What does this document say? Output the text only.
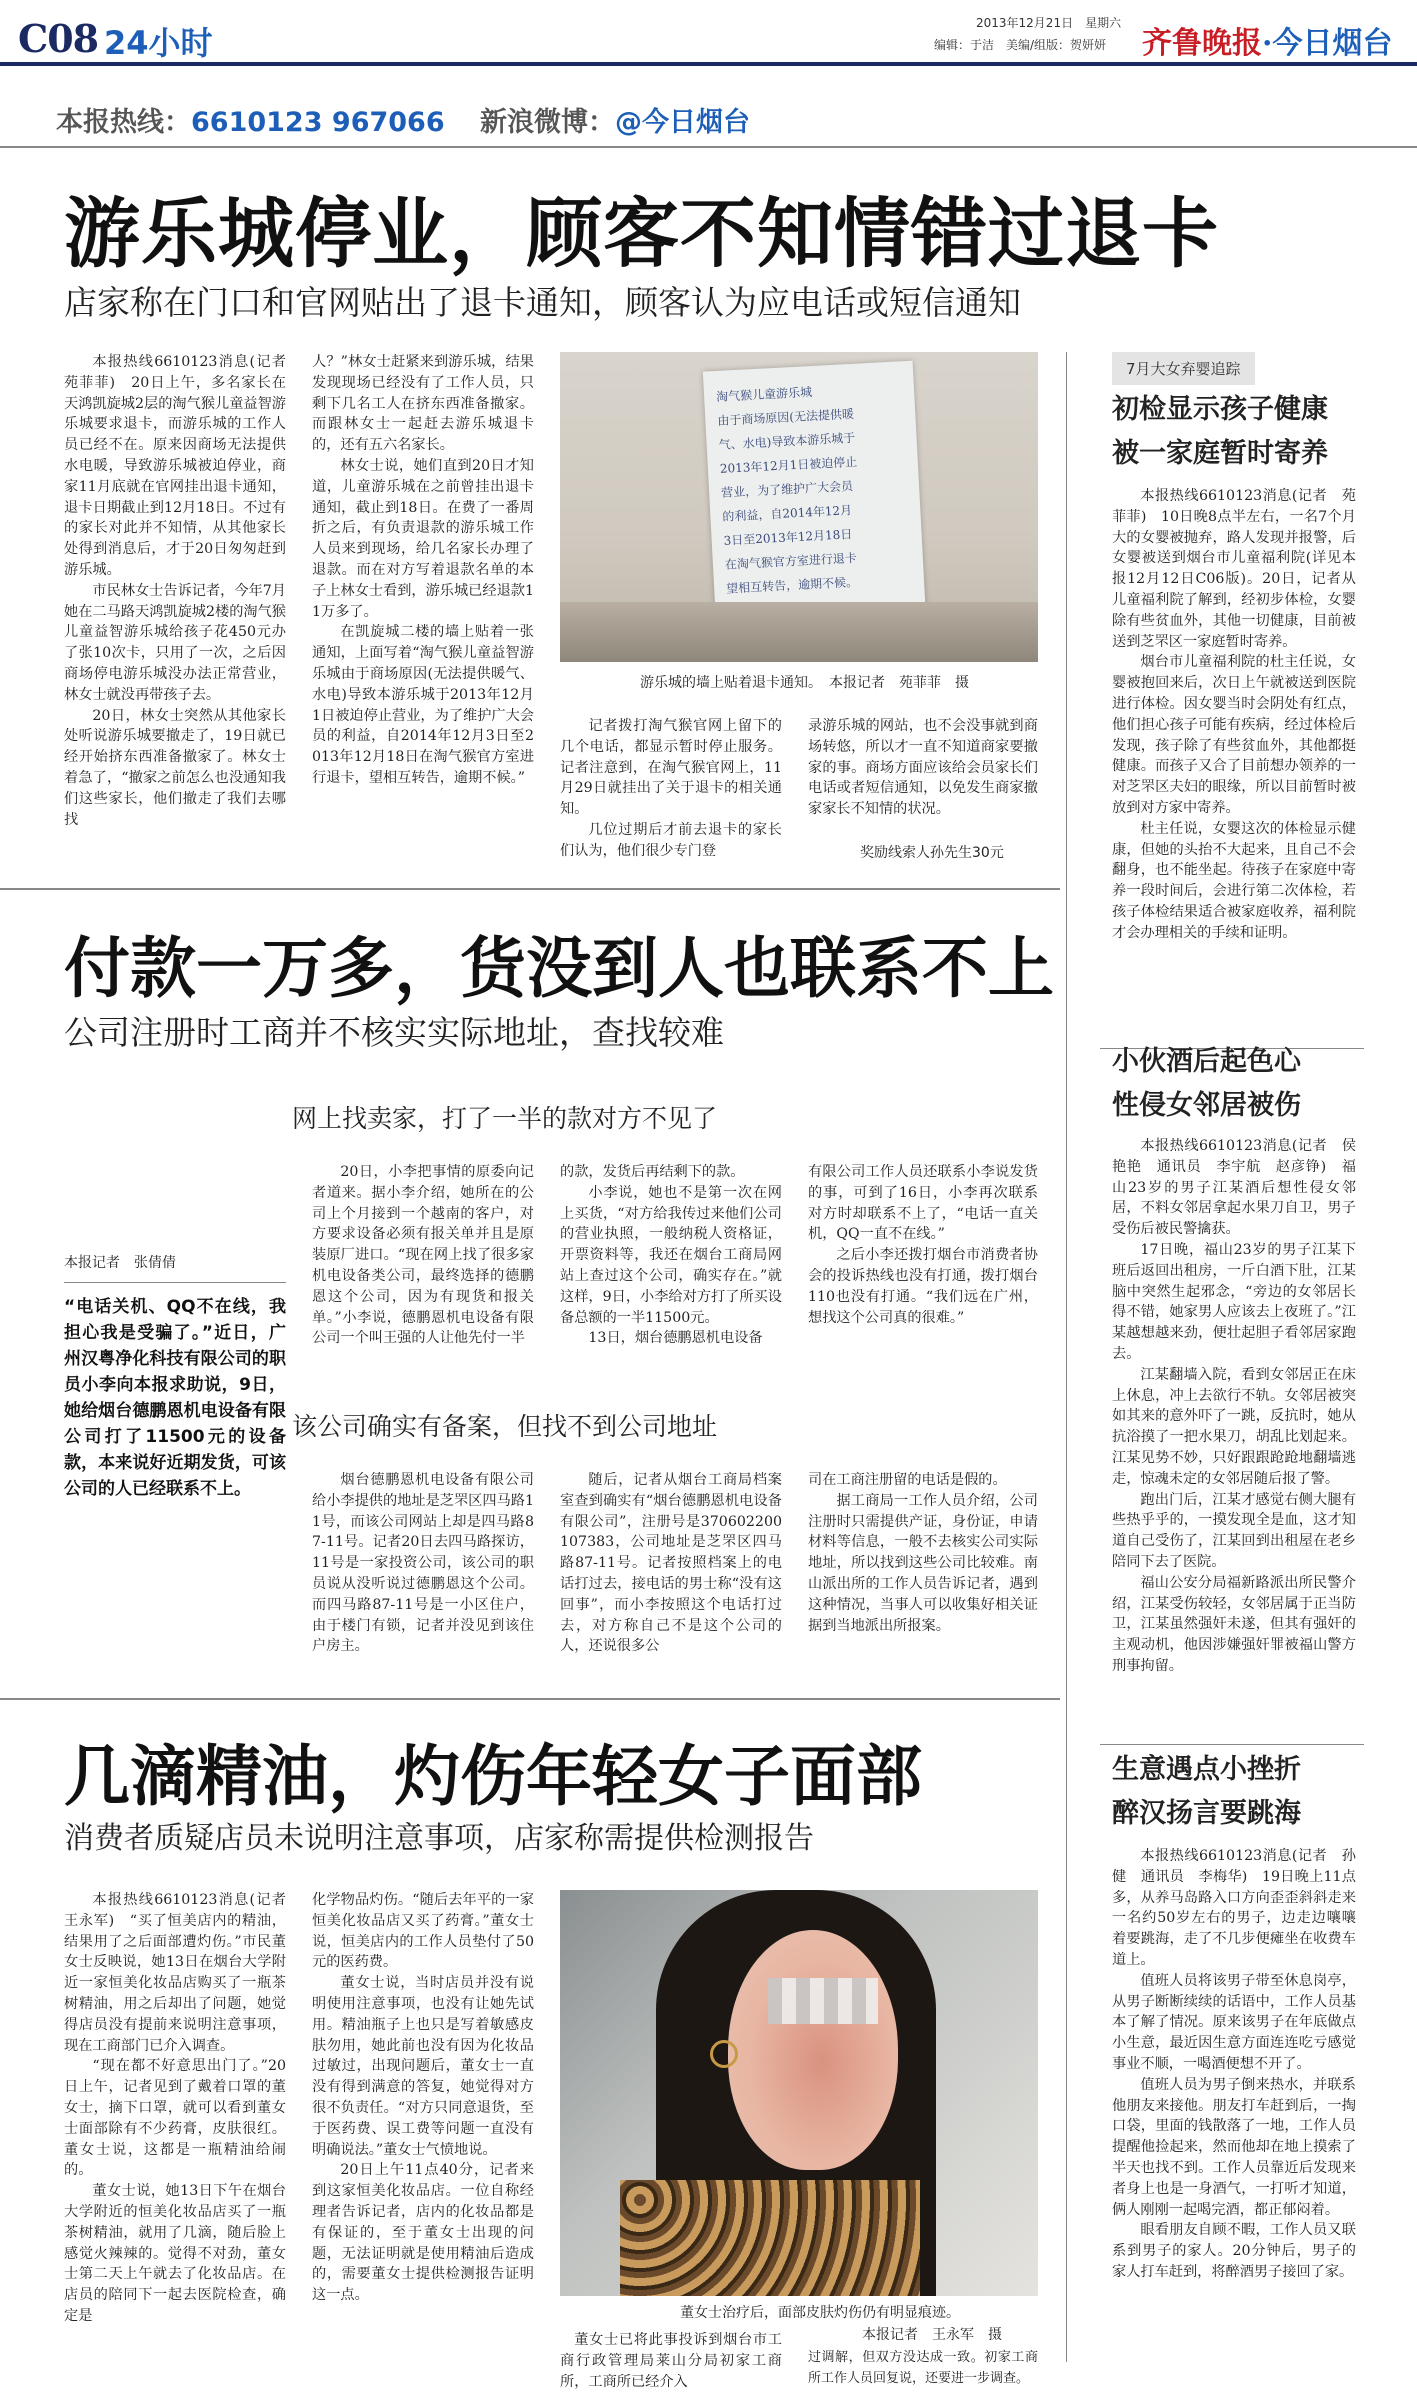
C08 24小时
2013年12月21日　星期六
编辑：于洁　美编/组版：贺妍妍 齐鲁晚报·今日烟台
本报热线：6610123 967066 新浪微博：@今日烟台
游乐城停业，顾客不知情错过退卡
店家称在门口和官网贴出了退卡通知，顾客认为应电话或短信通知

本报热线6610123消息(记者　苑菲菲)　20日上午，多名家长在天鸿凯旋城2层的淘气猴儿童益智游乐城要求退卡，而游乐城的工作人员已经不在。原来因商场无法提供水电暖，导致游乐城被迫停业，商家11月底就在官网挂出退卡通知，退卡日期截止到12月18日。不过有的家长对此并不知情，从其他家长处得到消息后，才于20日匆匆赶到游乐城。

市民林女士告诉记者，今年7月她在二马路天鸿凯旋城2楼的淘气猴儿童益智游乐城给孩子花450元办了张10次卡，只用了一次，之后因商场停电游乐城没办法正常营业，林女士就没再带孩子去。

20日，林女士突然从其他家长处听说游乐城要撤走了，19日就已经开始挤东西准备撤家了。林女士着急了，“撤家之前怎么也没通知我们这些家长，他们撤走了我们去哪找

人？”林女士赶紧来到游乐城，结果发现现场已经没有了工作人员，只剩下几名工人在挤东西准备撤家。而跟林女士一起赶去游乐城退卡的，还有五六名家长。

林女士说，她们直到20日才知道，儿童游乐城在之前曾挂出退卡通知，截止到18日。在费了一番周折之后，有负责退款的游乐城工作人员来到现场，给几名家长办理了退款。而在对方写着退款名单的本子上林女士看到，游乐城已经退款11万多了。

在凯旋城二楼的墙上贴着一张通知，上面写着“淘气猴儿童益智游乐城由于商场原因(无法提供暖气、水电)导致本游乐城于2013年12月1日被迫停止营业，为了维护广大会员的利益，自2014年12月3日至2013年12月18日在淘气猴官方室进行退卡，望相互转告，逾期不候。”

淘气猴儿童游乐城
由于商场原因(无法提供暖
气、水电)导致本游乐城于
2013年12月1日被迫停止
营业，为了维护广大会员
的利益，自2014年12月
3日至2013年12月18日
在淘气猴官方室进行退卡
望相互转告，逾期不候。
游乐城的墙上贴着退卡通知。　本报记者　苑菲菲　摄

记者拨打淘气猴官网上留下的几个电话，都显示暂时停止服务。记者注意到，在淘气猴官网上，11月29日就挂出了关于退卡的相关通知。

几位过期后才前去退卡的家长们认为，他们很少专门登

录游乐城的网站，也不会没事就到商场转悠，所以才一直不知道商家要撤家的事。商场方面应该给会员家长们电话或者短信通知，以免发生商家撤家家长不知情的状况。

奖励线索人孙先生30元
付款一万多，货没到人也联系不上
公司注册时工商并不核实实际地址，查找较难
本报记者　张倩倩
“电话关机、QQ不在线，我担心我是受骗了。”近日，广州汉粤净化科技有限公司的职员小李向本报求助说，9日，她给烟台德鹏恩机电设备有限公司打了11500元的设备款，本来说好近期发货，可该公司的人已经联系不上。
网上找卖家，打了一半的款对方不见了

20日，小李把事情的原委向记者道来。据小李介绍，她所在的公司上个月接到一个越南的客户，对方要求设备必须有报关单并且是原装原厂进口。“现在网上找了很多家机电设备类公司，最终选择的德鹏恩这个公司，因为有现货和报关单。”小李说，德鹏恩机电设备有限公司一个叫王强的人让他先付一半

的款，发货后再结剩下的款。

小李说，她也不是第一次在网上买货，“对方给我传过来他们公司的营业执照，一般纳税人资格证，开票资料等，我还在烟台工商局网站上查过这个公司，确实存在。”就这样，9日，小李给对方打了所买设备总额的一半11500元。

13日，烟台德鹏恩机电设备

有限公司工作人员还联系小李说发货的事，可到了16日，小李再次联系对方时却联系不上了，“电话一直关机，QQ一直不在线。”

之后小李还拨打烟台市消费者协会的投诉热线也没有打通，拨打烟台110也没有打通。“我们远在广州，想找这个公司真的很难。”

该公司确实有备案，但找不到公司地址

烟台德鹏恩机电设备有限公司给小李提供的地址是芝罘区四马路11号，而该公司网站上却是四马路87-11号。记者20日去四马路探访，11号是一家投资公司，该公司的职员说从没听说过德鹏恩这个公司。而四马路87-11号是一小区住户，由于楼门有锁，记者并没见到该住户房主。

随后，记者从烟台工商局档案室查到确实有“烟台德鹏恩机电设备有限公司”，注册号是370602200107383，公司地址是芝罘区四马路87-11号。记者按照档案上的电话打过去，接电话的男士称“没有这回事”，而小李按照这个电话打过去，对方称自己不是这个公司的人，还说很多公

司在工商注册留的电话是假的。

据工商局一工作人员介绍，公司注册时只需提供产证，身份证，申请材料等信息，一般不去核实公司实际地址，所以找到这些公司比较难。南山派出所的工作人员告诉记者，遇到这种情况，当事人可以收集好相关证据到当地派出所报案。

几滴精油，灼伤年轻女子面部
消费者质疑店员未说明注意事项，店家称需提供检测报告

本报热线6610123消息(记者　王永军)　“买了恒美店内的精油，结果用了之后面部遭灼伤。”市民董女士反映说，她13日在烟台大学附近一家恒美化妆品店购买了一瓶茶树精油，用之后却出了问题，她觉得店员没有提前来说明注意事项，现在工商部门已介入调查。

“现在都不好意思出门了。”20日上午，记者见到了戴着口罩的董女士，摘下口罩，就可以看到董女士面部除有不少药膏，皮肤很红。董女士说，这都是一瓶精油给闹的。

董女士说，她13日下午在烟台大学附近的恒美化妆品店买了一瓶茶树精油，就用了几滴，随后脸上感觉火辣辣的。觉得不对劲，董女士第二天上午就去了化妆品店。在店员的陪同下一起去医院检查，确定是

化学物品灼伤。“随后去年平的一家恒美化妆品店又买了药膏。”董女士说，恒美店内的工作人员垫付了50元的医药费。

董女士说，当时店员并没有说明使用注意事项，也没有让她先试用。精油瓶子上也只是写着敏感皮肤勿用，她此前也没有因为化妆品过敏过，出现问题后，董女士一直没有得到满意的答复，她觉得对方很不负责任。“对方只同意退货，至于医药费、误工费等问题一直没有明确说法。”董女士气愤地说。

20日上午11点40分，记者来到这家恒美化妆品店。一位自称经理者告诉记者，店内的化妆品都是有保证的，至于董女士出现的问题，无法证明就是使用精油后造成的，需要董女士提供检测报告证明这一点。

董女士治疗后，面部皮肤灼伤仍有明显痕迹。
本报记者　王永军　摄

董女士已将此事投诉到烟台市工商行政管理局莱山分局初家工商所，工商所已经介入

过调解，但双方没达成一致。初家工商所工作人员回复说，还要进一步调查。

7月大女弃婴追踪
初检显示孩子健康
被一家庭暂时寄养

本报热线6610123消息(记者　苑菲菲)　10日晚8点半左右，一名7个月大的女婴被抛弃，路人发现并报警，后女婴被送到烟台市儿童福利院(详见本报12月12日C06版)。20日，记者从儿童福利院了解到，经初步体检，女婴除有些贫血外，其他一切健康，目前被送到芝罘区一家庭暂时寄养。

烟台市儿童福利院的杜主任说，女婴被抱回来后，次日上午就被送到医院进行体检。因女婴当时会阴处有红点，他们担心孩子可能有疾病，经过体检后发现，孩子除了有些贫血外，其他都挺健康。而孩子又合了目前想办领养的一对芝罘区夫妇的眼缘，所以目前暂时被放到对方家中寄养。

杜主任说，女婴这次的体检显示健康，但她的头抬不大起来，且自己不会翻身，也不能坐起。待孩子在家庭中寄养一段时间后，会进行第二次体检，若孩子体检结果适合被家庭收养，福利院才会办理相关的手续和证明。

小伙酒后起色心
性侵女邻居被伤

本报热线6610123消息(记者　侯艳艳　通讯员　李宇航　赵彦铮)　福山23岁的男子江某酒后想性侵女邻居，不料女邻居拿起水果刀自卫，男子受伤后被民警擒获。

17日晚，福山23岁的男子江某下班后返回出租房，一斤白酒下肚，江某脑中突然生起邪念，“旁边的女邻居长得不错，她家男人应该去上夜班了。”江某越想越来劲，便壮起胆子看邻居家跑去。

江某翻墙入院，看到女邻居正在床上休息，冲上去欲行不轨。女邻居被突如其来的意外吓了一跳，反抗时，她从抗浴摸了一把水果刀，胡乱比划起来。江某见势不妙，只好跟跟跄跄地翻墙逃走，惊魂未定的女邻居随后报了警。

跑出门后，江某才感觉右侧大腿有些热乎乎的，一摸发现全是血，这才知道自己受伤了，江某回到出租屋在老乡陪同下去了医院。

福山公安分局福新路派出所民警介绍，江某受伤较轻，女邻居属于正当防卫，江某虽然强奸未遂，但其有强奸的主观动机，他因涉嫌强奸罪被福山警方刑事拘留。

生意遇点小挫折
醉汉扬言要跳海

本报热线6610123消息(记者　孙健　通讯员　李梅华)　19日晚上11点多，从养马岛路入口方向歪歪斜斜走来一名约50岁左右的男子，边走边嚷嚷着要跳海，走了不几步便瘫坐在收费车道上。

值班人员将该男子带至休息岗亭，从男子断断续续的话语中，工作人员基本了解了情况。原来该男子在年底做点小生意，最近因生意方面连连吃亏感觉事业不顺，一喝酒便想不开了。

值班人员为男子倒来热水，并联系他朋友来接他。朋友打车赶到后，一掏口袋，里面的钱散落了一地，工作人员提醒他捡起来，然而他却在地上摸索了半天也找不到。工作人员靠近后发现来者身上也是一身酒气，一打听才知道，俩人刚刚一起喝完酒，都正郁闷着。

眼看朋友自顾不暇，工作人员又联系到男子的家人。20分钟后，男子的家人打车赶到，将醉酒男子接回了家。
